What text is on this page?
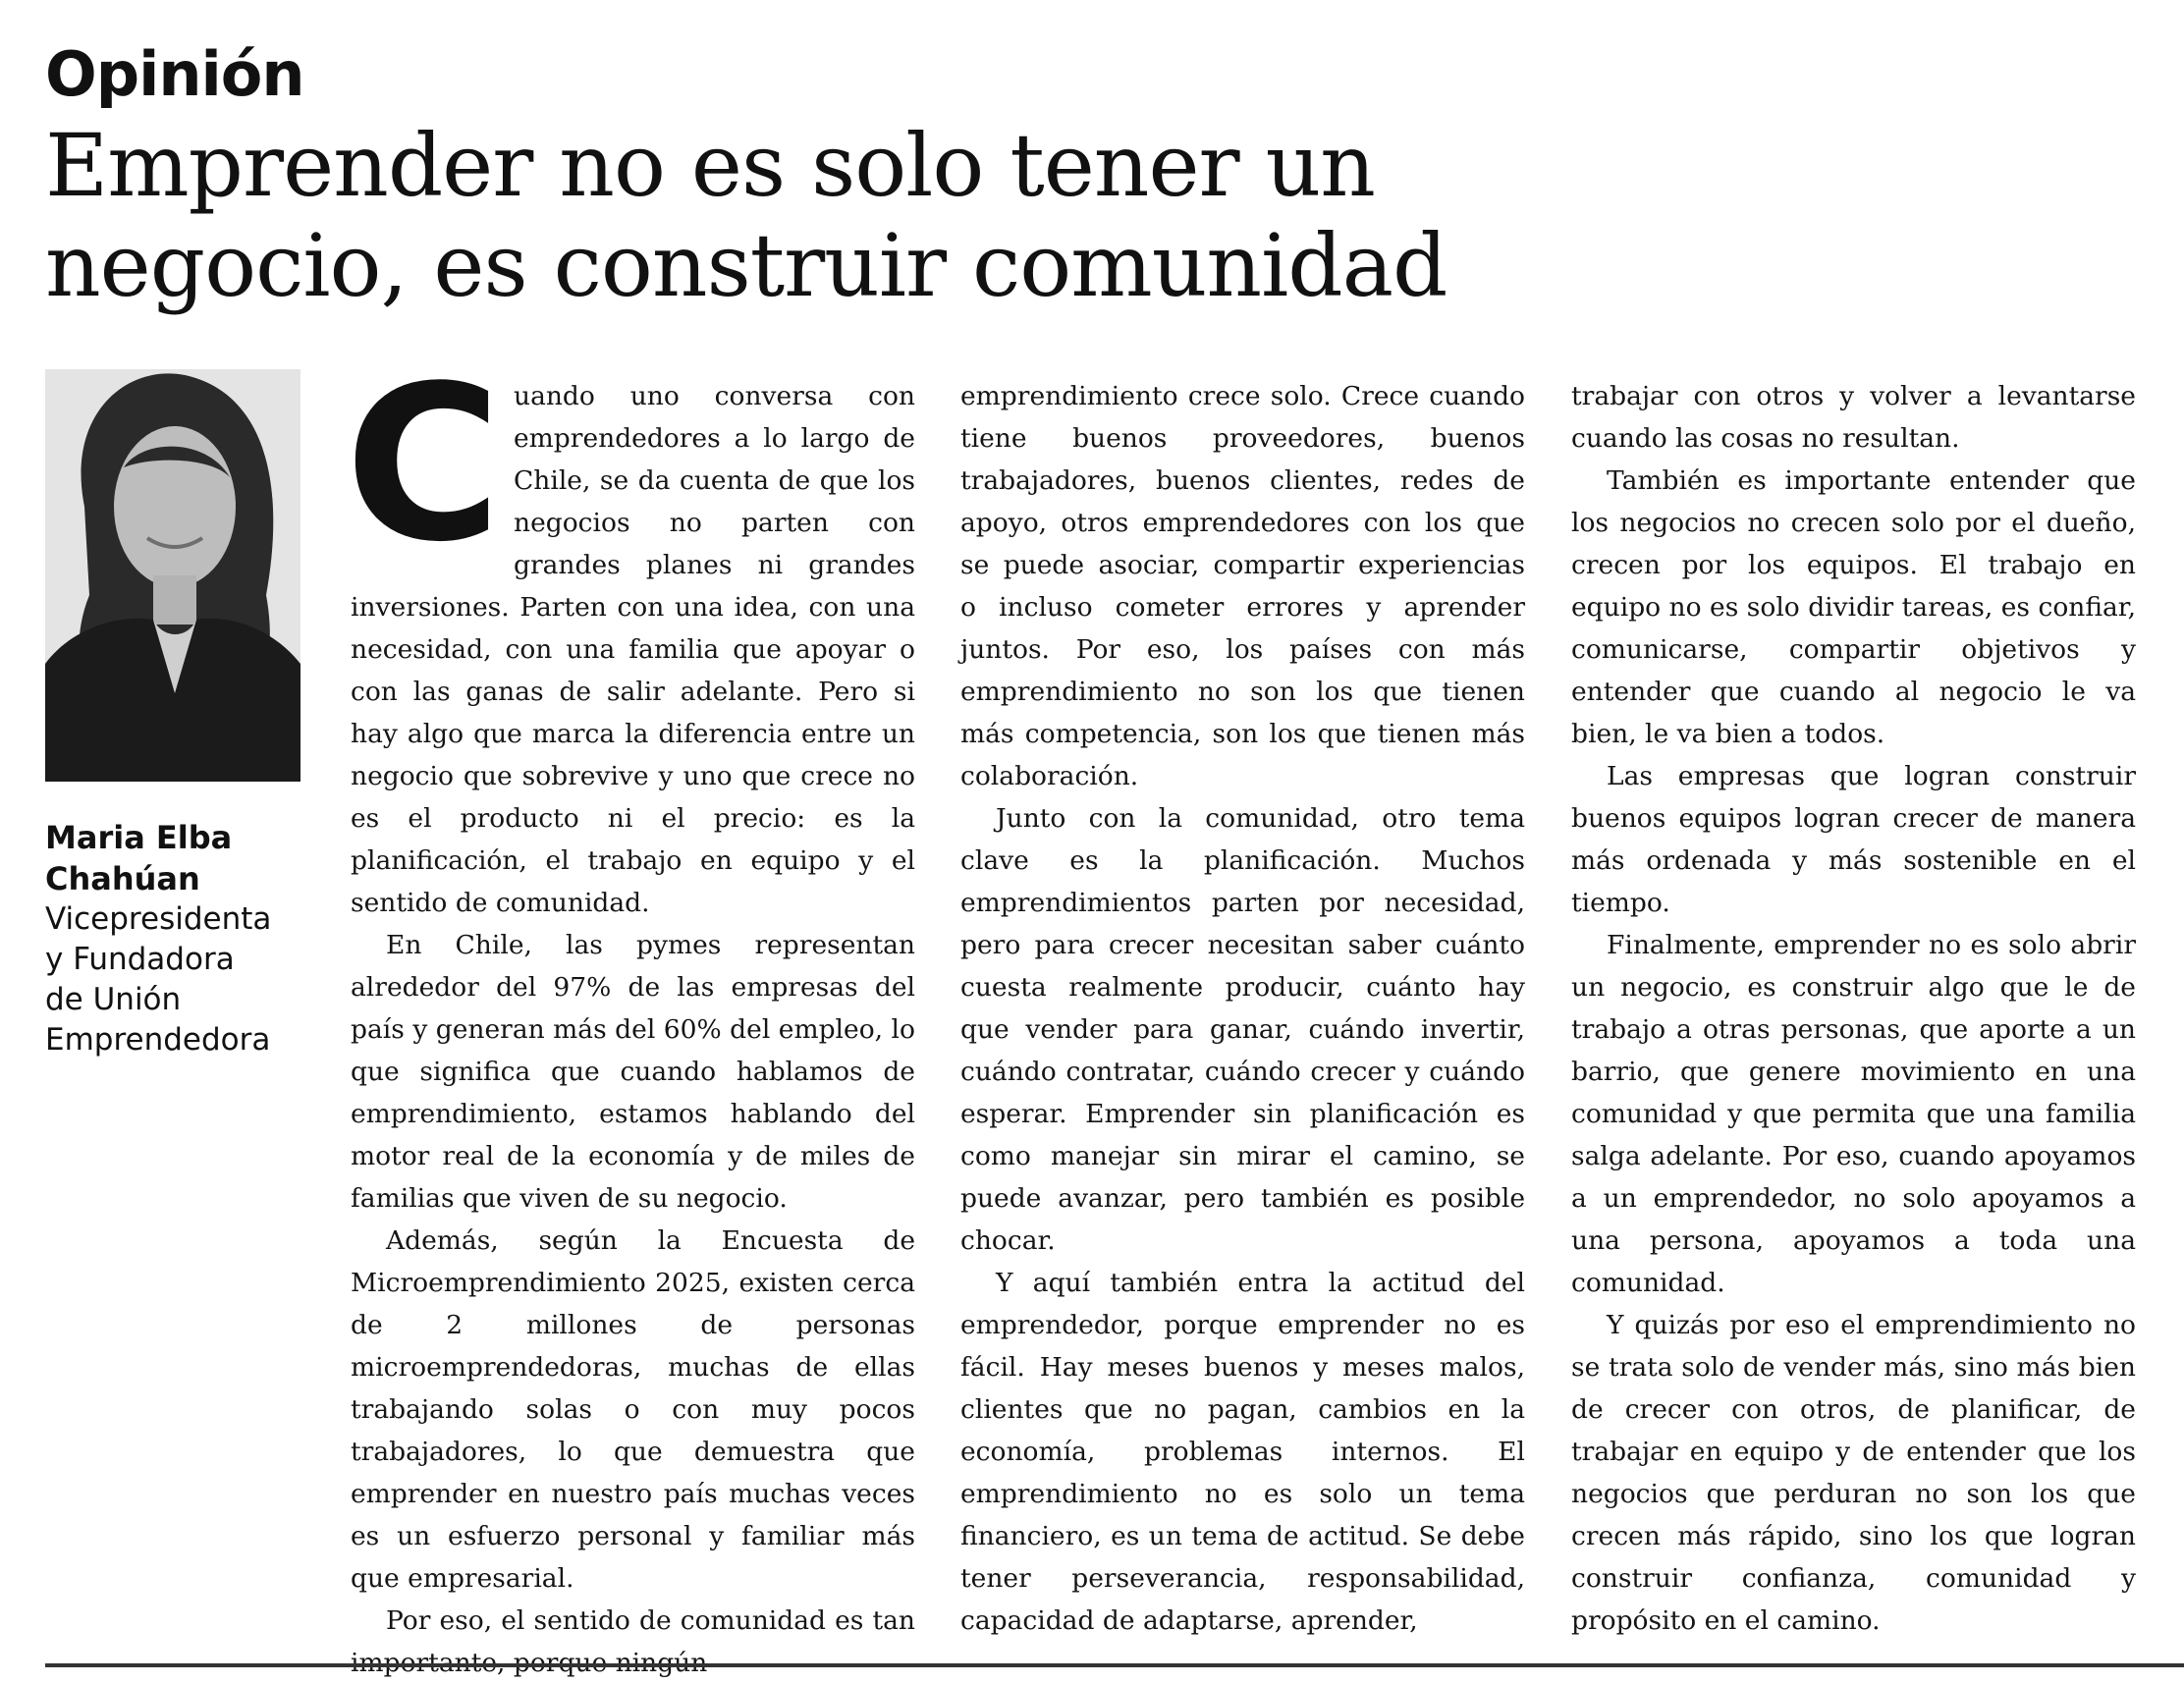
Opinión
Emprender no es solo tener un
negocio, es construir comunidad
Maria Elba
Chahúan
Vicepresidenta
y Fundadora
de Unión
Emprendedora

Cuando uno conversa con emprendedores a lo largo de Chile, se da cuenta de que los negocios no parten con grandes planes ni grandes inversiones. Parten con una idea, con una necesidad, con una familia que apoyar o con las ganas de salir adelante. Pero si hay algo que marca la diferencia entre un negocio que sobrevive y uno que crece no es el producto ni el precio: es la planificación, el trabajo en equipo y el sentido de comunidad.

En Chile, las pymes representan alrededor del 97% de las empresas del país y generan más del 60% del empleo, lo que significa que cuando hablamos de emprendimiento, estamos hablando del motor real de la economía y de miles de familias que viven de su negocio.

Además, según la Encuesta de Microemprendimiento 2025, existen cerca de 2 millones de personas microemprendedoras, muchas de ellas trabajando solas o con muy pocos trabajadores, lo que demuestra que emprender en nuestro país muchas veces es un esfuerzo personal y familiar más que empresarial.

Por eso, el sentido de comunidad es tan

emprendimiento crece solo. Crece cuando tiene buenos proveedores, buenos trabajadores, buenos clientes, redes de apoyo, otros emprendedores con los que se puede asociar, compartir experiencias o incluso cometer errores y aprender juntos. Por eso, los países con más emprendimiento no son los que tienen más competencia, son los que tienen más colaboración.

Junto con la comunidad, otro tema clave es la planificación. Muchos emprendimientos parten por necesidad, pero para crecer necesitan saber cuánto cuesta realmente producir, cuánto hay que vender para ganar, cuándo invertir, cuándo contratar, cuándo crecer y cuándo esperar. Emprender sin planificación es como manejar sin mirar el camino, se puede avanzar, pero también es posible chocar.

Y aquí también entra la actitud del emprendedor, porque emprender no es fácil. Hay meses buenos y meses malos, clientes que no pagan, cambios en la economía, problemas internos. El emprendimiento no es solo un tema financiero, es un tema de actitud. Se debe tener perseverancia, responsabilidad, capacidad de adaptarse, aprender,

trabajar con otros y volver a levantarse cuando las cosas no resultan.

También es importante entender que los negocios no crecen solo por el dueño, crecen por los equipos. El trabajo en equipo no es solo dividir tareas, es confiar, comunicarse, compartir objetivos y entender que cuando al negocio le va bien, le va bien a todos.

Las empresas que logran construir buenos equipos logran crecer de manera más ordenada y más sostenible en el tiempo.

Finalmente, emprender no es solo abrir un negocio, es construir algo que le de trabajo a otras personas, que aporte a un barrio, que genere movimiento en una comunidad y que permita que una familia salga adelante. Por eso, cuando apoyamos a un emprendedor, no solo apoyamos a una persona, apoyamos a toda una comunidad.

Y quizás por eso el emprendimiento no se trata solo de vender más, sino más bien de crecer con otros, de planificar, de trabajar en equipo y de entender que los negocios que perduran no son los que crecen más rápido, sino los que logran construir confianza, comunidad y propósito en el camino.
